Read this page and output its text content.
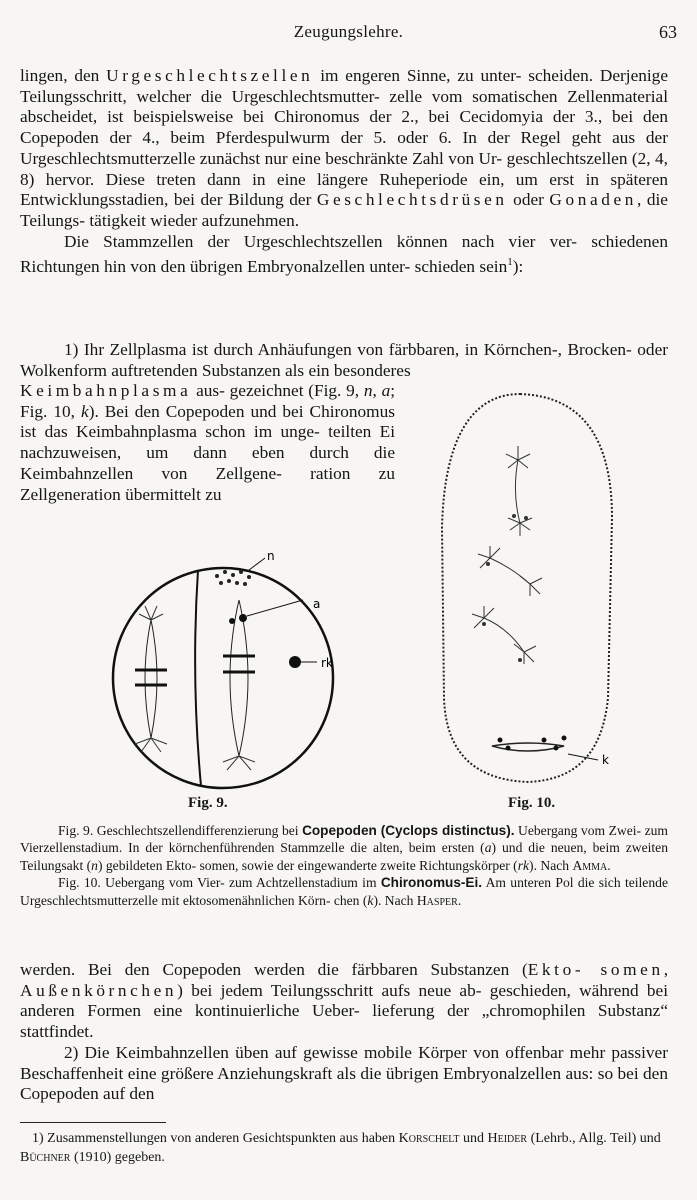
Zeugungslehre.	63

lingen, den Urgeschlechtszellen im engeren Sinne, zu unter- scheiden. Derjenige Teilungsschritt, welcher die Urgeschlechtsmutter- zelle vom somatischen Zellenmaterial abscheidet, ist beispielsweise bei Chironomus der 2., bei Cecidomyia der 3., bei den Copepoden der 4., beim Pferdespulwurm der 5. oder 6. In der Regel geht aus der Urgeschlechtsmutterzelle zunächst nur eine beschränkte Zahl von Ur- geschlechtszellen (2, 4, 8) hervor. Diese treten dann in eine längere Ruheperiode ein, um erst in späteren Entwicklungsstadien, bei der Bildung der Geschlechtsdrüsen oder Gonaden, die Teilungs- tätigkeit wieder aufzunehmen.

Die Stammzellen der Urgeschlechtszellen können nach vier ver- schiedenen Richtungen hin von den übrigen Embryonalzellen unter- schieden sein$^1$):

1) Ihr Zellplasma ist durch Anhäufungen von färbbaren, in Körnchen-, Brocken- oder Wolkenform auftretenden Substanzen als ein besonderes

Keimbahnplasma aus- gezeichnet (Fig. 9, n, a; Fig. 10, k). Bei den Copepoden und bei Chironomus ist das Keimbahnplasma schon im unge- teilten Ei nachzuweisen, um dann eben durch die Keimbahnzellen von Zellgene- ration zu Zellgeneration übermittelt zu

n
a
rk
k
Fig. 9.	Fig. 10.

Fig. 9. Geschlechtszellendifferenzierung bei Copepoden (Cyclops distinctus). Uebergang vom Zwei- zum Vierzellenstadium. In der körnchenführenden Stammzelle die alten, beim ersten (a) und die neuen, beim zweiten Teilungsakt (n) gebildeten Ekto- somen, sowie der eingewanderte zweite Richtungskörper (rk). Nach Amma.

Fig. 10. Uebergang vom Vier- zum Achtzellenstadium im Chironomus-Ei. Am unteren Pol die sich teilende Urgeschlechtsmutterzelle mit ektosomenähnlichen Körn- chen (k). Nach Hasper.

werden. Bei den Copepoden werden die färbbaren Substanzen (Ekto- somen, Außenkörnchen) bei jedem Teilungsschritt aufs neue ab- geschieden, während bei anderen Formen eine kontinuierliche Ueber- lieferung der „chromophilen Substanz“ stattfindet.

2) Die Keimbahnzellen üben auf gewisse mobile Körper von offenbar mehr passiver Beschaffenheit eine größere Anziehungskraft als die übrigen Embryonalzellen aus: so bei den Copepoden auf den

1) Zusammenstellungen von anderen Gesichtspunkten aus haben Korschelt und Heider (Lehrb., Allg. Teil) und Büchner (1910) gegeben.
